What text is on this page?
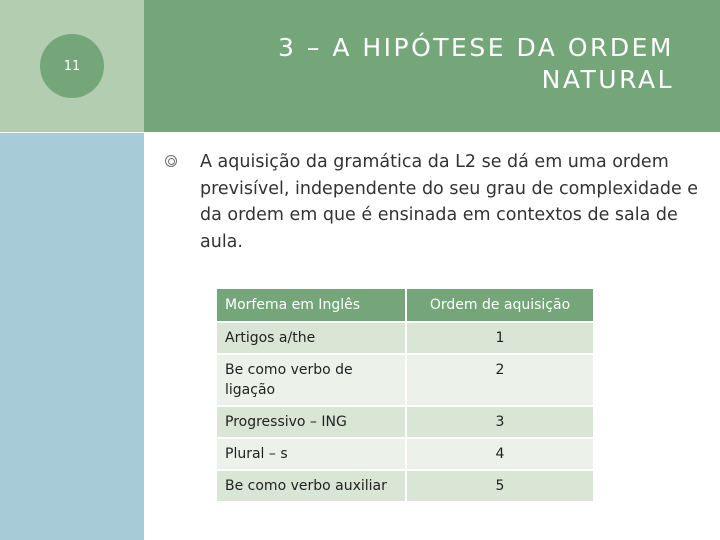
11
3 – A HIPÓTESE DA ORDEM NATURAL

A aquisição da gramática da L2 se dá em uma ordem previsível, independente do seu grau de complexidade e da ordem em que é ensinada em contextos de sala de aula.

Morfema em Inglês	Ordem de aquisição
Artigos a/the	1
Be como verbo de ligação	2
Progressivo – ING	3
Plural – s	4
Be como verbo auxiliar	5
